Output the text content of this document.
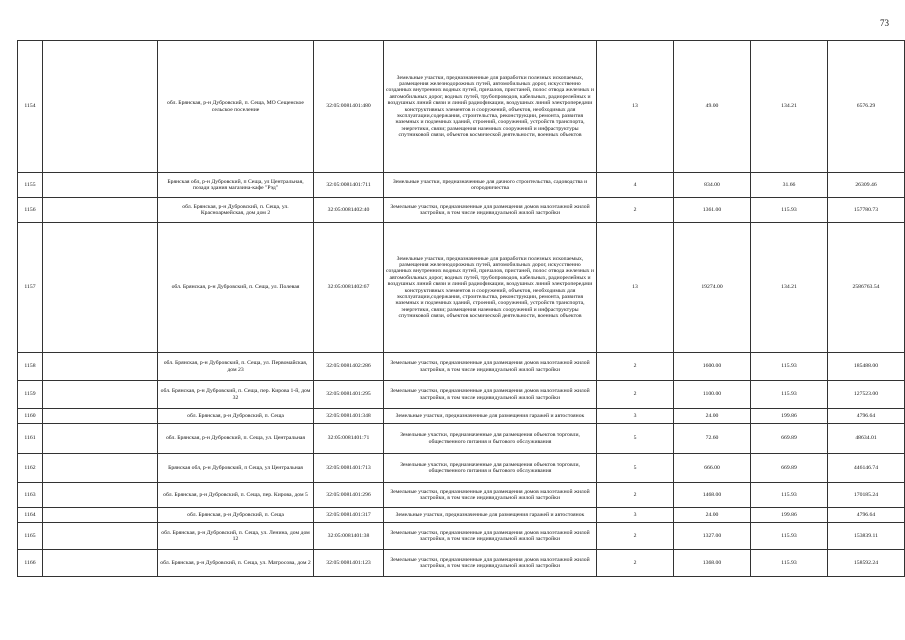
73
1154		обл. Брянская, р-н Дубровский, п. Сеща, МО Сещенское сельское поселение	32:05:0081401:480	Земельные участки, предназначенные для разработки полезных ископаемых, размещения железнодорожных путей, автомобильных дорог, искусственно созданных внутренних водных путей, причалов, пристаней, полос отвода железных и автомобильных дорог, водных путей, трубопроводов, кабельных, радиорелейных и воздушных линий связи и линий радиофикации, воздушных линий электропередачи конструктивных элементов и сооружений, объектов, необходимых для эксплуатации,содержания, строительства, реконструкции, ремонта, развития наземных и подземных зданий, строений, сооружений, устройств транспорта, энергетики, связи; размещения наземных сооружений и инфраструктуры спутниковой связи, объектов космической деятельности, военных объектов	13	49.00	134.21	6576.29
1155		Брянская обл, р-н Дубровский, п Сеща, ул Центральная, позади здания магазина-кафе "Рэд"	32:05:0081401:711	Земельные участки, предназначенные для дачного строительства, садоводства и огородничества	4	834.00	31.66	26309.46
1156		обл. Брянская, р-н Дубровский, п. Сеща, ул. Красноармейская, дом дом 2	32:05:0081402:40	Земельные участки, предназначенные для размещения домов малоэтажной жилой застройки, в том числе индивидуальной жилой застройки	2	1361.00	115.93	157780.73
1157		обл. Брянская, р-н Дубровский, п. Сеща, ул. Полевая	32:05:0081402:67	Земельные участки, предназначенные для разработки полезных ископаемых, размещения железнодорожных путей, автомобильных дорог, искусственно созданных внутренних водных путей, причалов, пристаней, полос отвода железных и автомобильных дорог, водных путей, трубопроводов, кабельных, радиорелейных и воздушных линий связи и линий радиофикации, воздушных линий электропередачи конструктивных элементов и сооружений, объектов, необходимых для эксплуатации,содержания, строительства, реконструкции, ремонта, развития наземных и подземных зданий, строений, сооружений, устройств транспорта, энергетики, связи; размещения наземных сооружений и инфраструктуры спутниковой связи, объектов космической деятельности, военных объектов	13	19274.00	134.21	2586763.54
1158		обл. Брянская, р-н Дубровский, п. Сеща, ул. Первомайская, дом 23	32:05:0081402:286	Земельные участки, предназначенные для размещения домов малоэтажной жилой застройки, в том числе индивидуальной жилой застройки	2	1600.00	115.93	185488.00
1159		обл. Брянская, р-н Дубровский, п. Сеща, пер. Кирова 1-й, дом 32	32:05:0081401:295	Земельные участки, предназначенные для размещения домов малоэтажной жилой застройки, в том числе индивидуальной жилой застройки	2	1100.00	115.93	127523.00
1160		обл. Брянская, р-н Дубровский, п. Сеща	32:05:0081401:348	Земельные участки, предназначенные для размещения гаражей и автостоянок	3	24.00	199.86	4796.64
1161		обл. Брянская, р-н Дубровский, п. Сеща, ул. Центральная	32:05:0081401:71	Земельные участки, предназначенные для размещения объектов торговли, общественного питания и бытового обслуживания	5	72.60	669.89	48634.01
1162		Брянская обл, р-н Дубровский, п Сеща, ул Центральная	32:05:0081401:713	Земельные участки, предназначенные для размещения объектов торговли, общественного питания и бытового обслуживания	5	666.00	669.89	446146.74
1163		обл. Брянская, р-н Дубровский, п. Сеща, пер. Кирова, дом 5	32:05:0081401:296	Земельные участки, предназначенные для размещения домов малоэтажной жилой застройки, в том числе индивидуальной жилой застройки	2	1468.00	115.93	170185.24
1164		обл. Брянская, р-н Дубровский, п. Сеща	32:05:0081401:317	Земельные участки, предназначенные для размещения гаражей и автостоянок	3	24.00	199.86	4796.64
1165		обл. Брянская, р-н Дубровский, п. Сеща, ул. Ленина, дом дом 12	32:05:0081401:38	Земельные участки, предназначенные для размещения домов малоэтажной жилой застройки, в том числе индивидуальной жилой застройки	2	1327.00	115.93	153839.11
1166		обл. Брянская, р-н Дубровский, п. Сеща, ул. Матросова, дом 2	32:05:0081401:123	Земельные участки, предназначенные для размещения домов малоэтажной жилой застройки, в том числе индивидуальной жилой застройки	2	1368.00	115.93	158592.24
